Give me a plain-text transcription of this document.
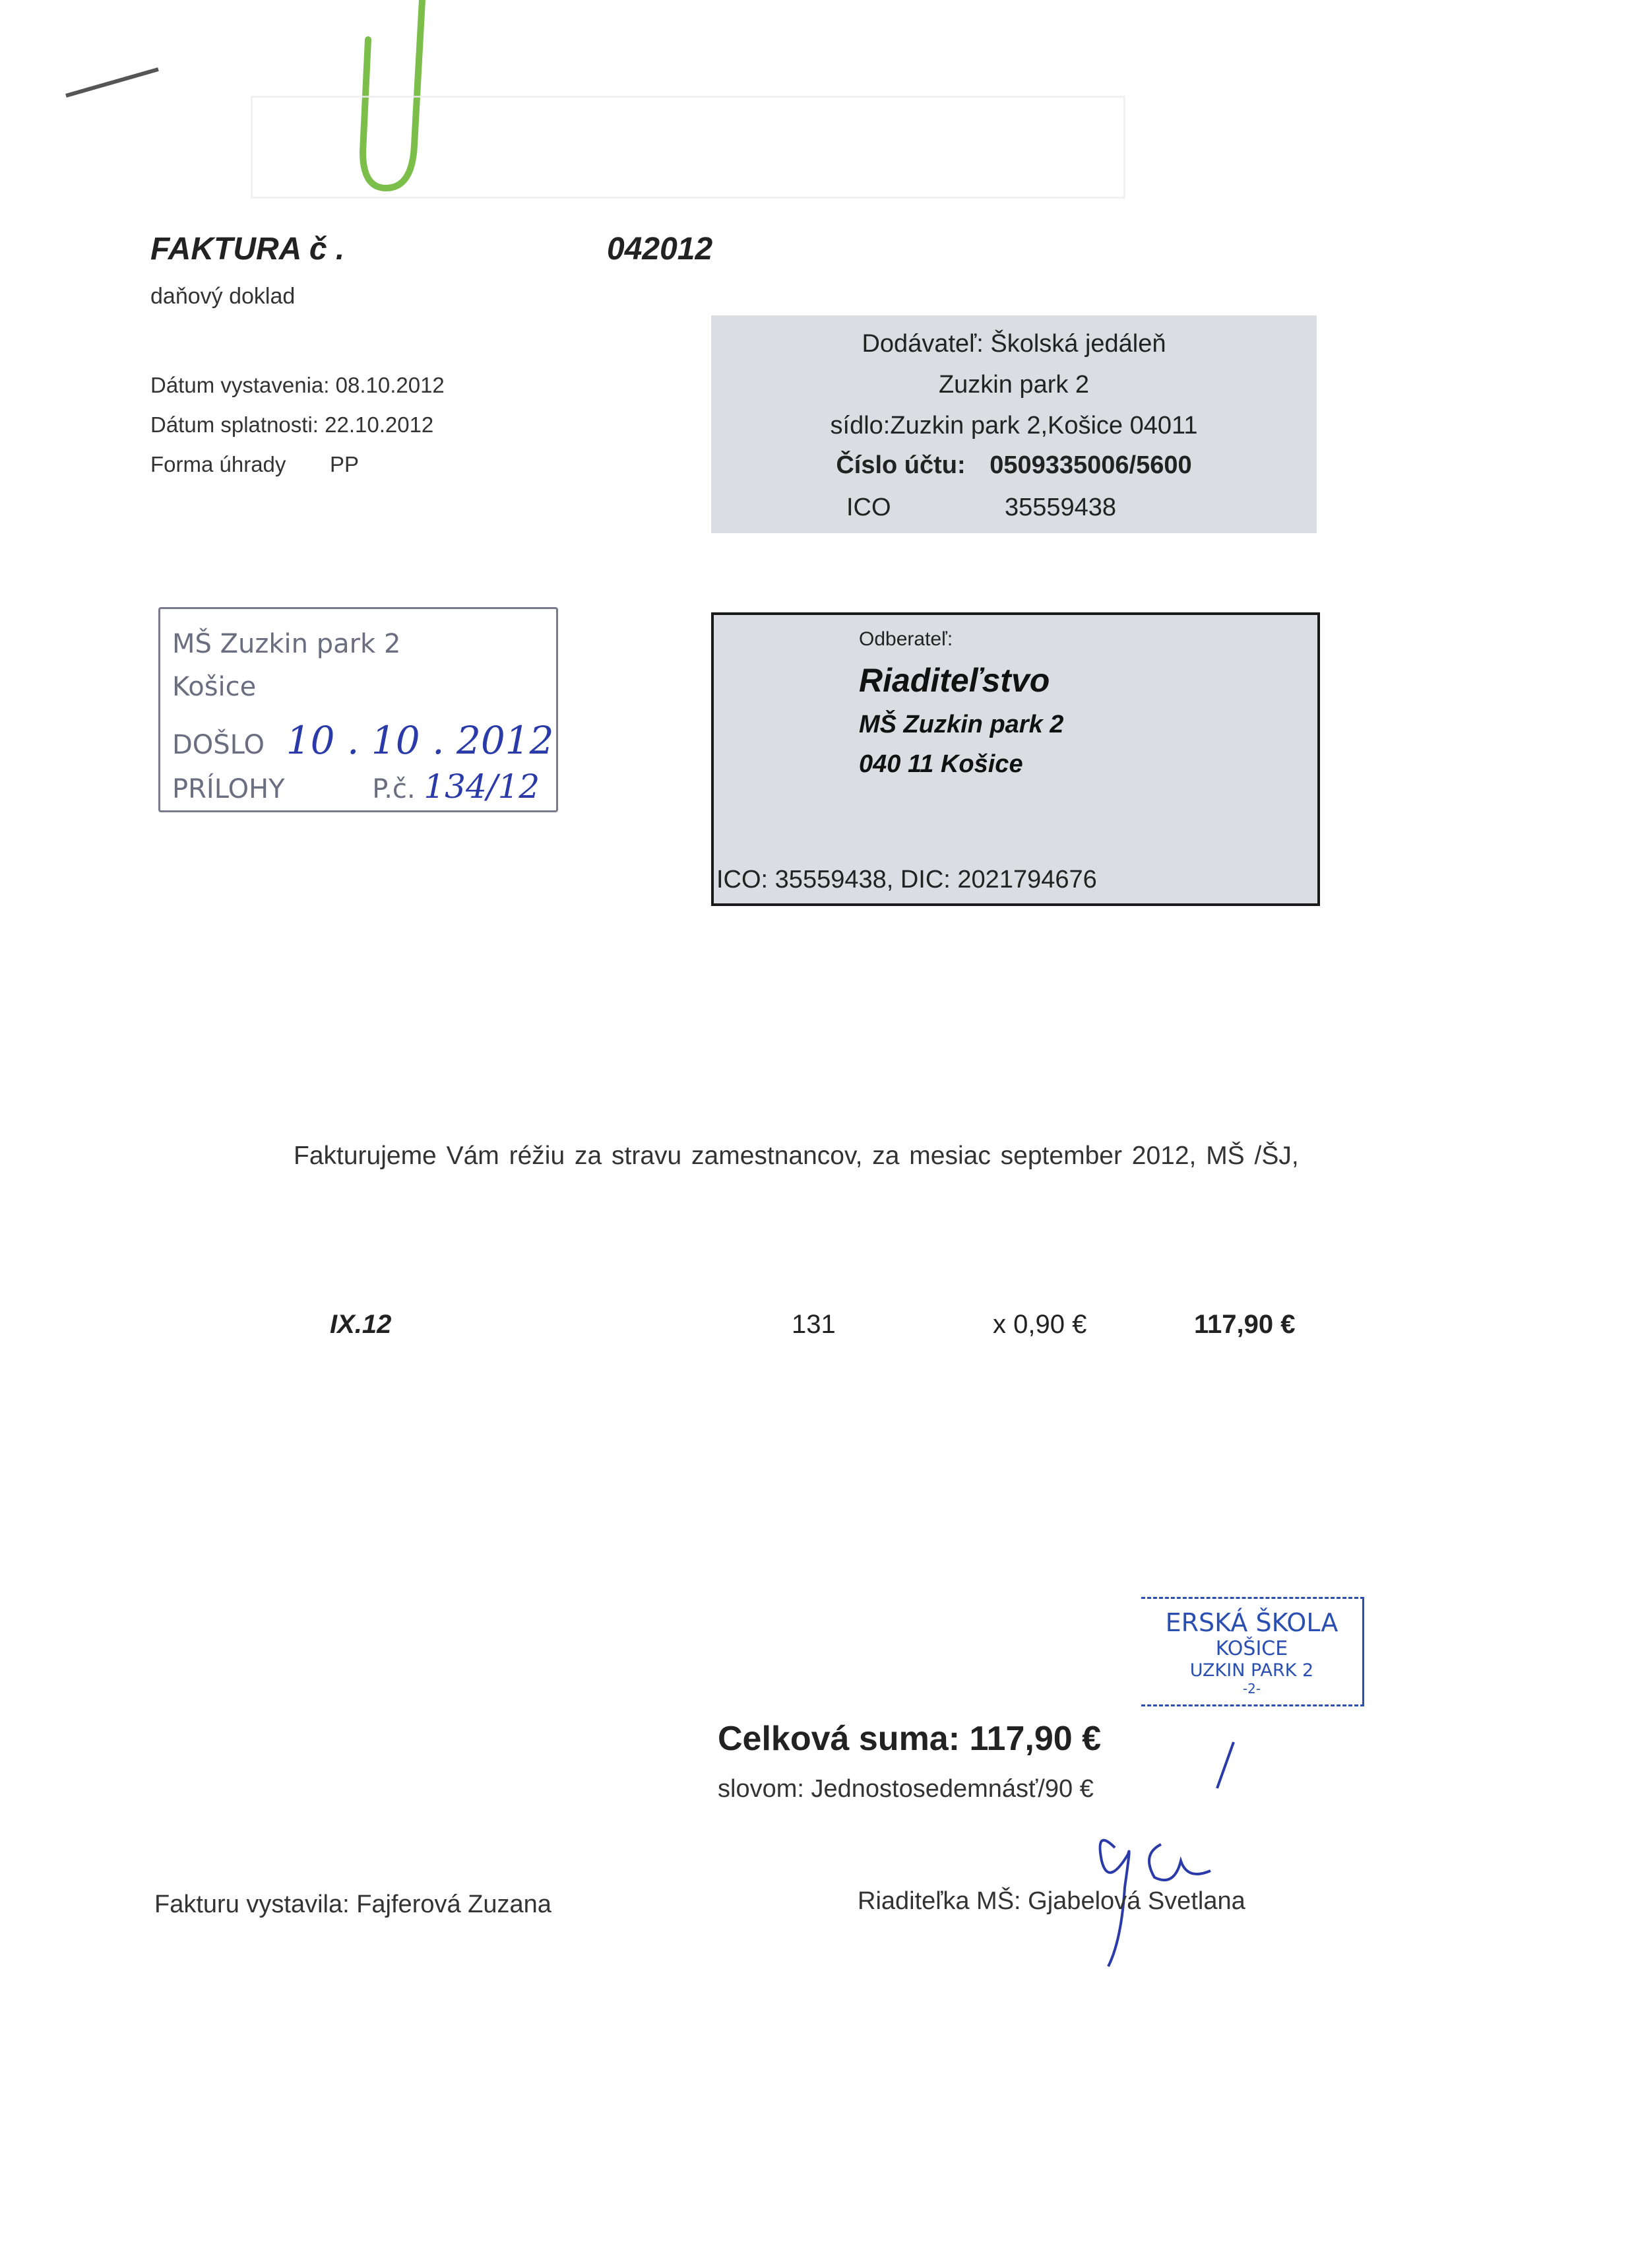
FAKTURA č .	042012
daňový doklad
Dátum vystavenia: 08.10.2012
Dátum splatnosti: 22.10.2012
Forma úhrady PP
Dodávateľ: Školská jedáleň
Zuzkin park 2
sídlo:Zuzkin park 2,Košice 04011
Číslo účtu: 0509335006/5600
ICO	35559438
MŠ Zuzkin park 2
Košice
DOŠLO 10 . 10 . 2012
PRÍLOHY	P.č. 134/12
Odberateľ:
Riaditeľstvo
MŠ Zuzkin park 2
040 11 Košice
ICO: 35559438, DIC: 2021794676
Fakturujeme Vám réžiu za stravu zamestnancov, za mesiac september 2012, MŠ /ŠJ,
IX.12	131	x 0,90 €	117,90 €
ERSKÁ ŠKOLA
KOŠICE
UZKIN PARK 2
-2-
Celková suma: 117,90 €
slovom: Jednostosedemnásť/90 €
Fakturu vystavila: Fajferová Zuzana	Riaditeľka MŠ: Gjabelová Svetlana
